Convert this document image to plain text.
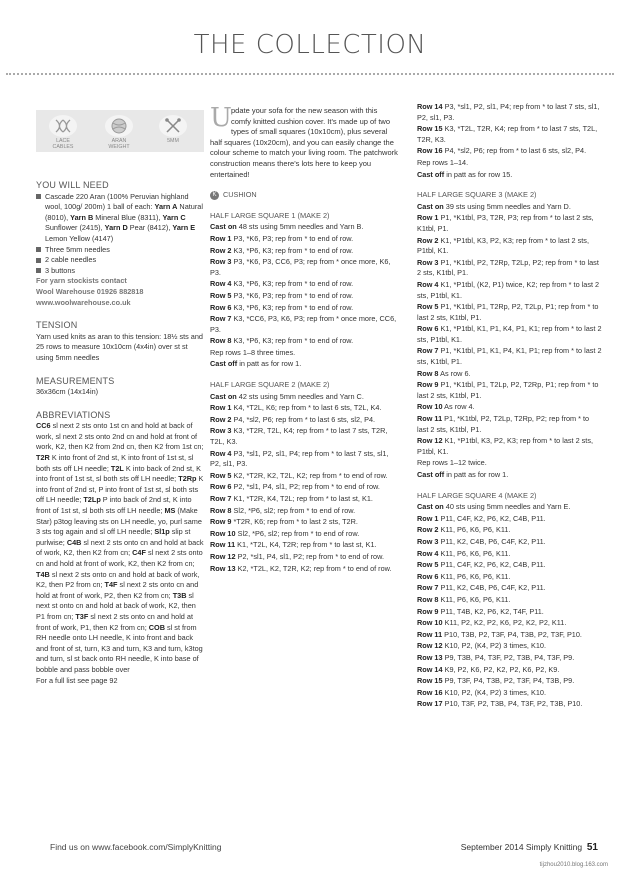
THE COLLECTION
LACE
CABLES
ARAN
WEIGHT
5MM
YOU WILL NEED
Cascade 220 Aran (100% Peruvian highland wool, 100g/ 200m) 1 ball of each: Yarn A Natural (8010), Yarn B Mineral Blue (8311), Yarn C Sunflower (2415), Yarn D Pear (8412), Yarn E Lemon Yellow (4147)
Three 5mm needles
2 cable needles
3 buttons
For yarn stockists contact
Wool Warehouse 01926 882818
www.woolwarehouse.co.uk
TENSION
Yarn used knits as aran to this tension: 18½ sts and 25 rows to measure 10x10cm (4x4in) over st st using 5mm needles
MEASUREMENTS
36x36cm (14x14in)
ABBREVIATIONS
CC6 sl next 2 sts onto 1st cn and hold at back of work, sl next 2 sts onto 2nd cn and hold at front of work, K2, then K2 from 2nd cn, then K2 from 1st cn; T2R K into front of 2nd st, K into front of 1st st, sl both sts off LH needle; T2L K into back of 2nd st, K into front of 1st st, sl both sts off LH needle; T2Rp K into front of 2nd st, P into front of 1st st, sl both sts off LH needle; T2Lp P into back of 2nd st, K into front of 1st st, sl both sts off LH needle; MS (Make Star) p3tog leaving sts on LH needle, yo, purl same 3 sts tog again and sl off LH needle; Sl1p slip st purlwise; C4B sl next 2 sts onto cn and hold at back of work, K2, then K2 from cn; C4F sl next 2 sts onto cn and hold at front of work, K2, then K2 from cn; T4B sl next 2 sts onto cn and hold at back of work, K2, then P2 from cn; T4F sl next 2 sts onto cn and hold at front of work, P2, then K2 from cn; T3B sl next st onto cn and hold at back of work, K2, then P1 from cn; T3F sl next 2 sts onto cn and hold at front of work, P1, then K2 from cn; COB sl st from RH needle onto LH needle, K into front and back and front of st, turn, K3 and turn, K3 and turn, k3tog and turn, sl st back onto RH needle, K into base of bobble and pass bobble over
For a full list see page 92
Update your sofa for the new season with this comfy knitted cushion cover. It's made up of two types of small squares (10x10cm), plus several half squares (10x20cm), and you can easily change the colour scheme to match your living room. The patchwork construction means there's lots here to keep you entertained!
K CUSHION
HALF LARGE SQUARE 1 (MAKE 2)
Cast on 48 sts using 5mm needles and Yarn B.
Row 1 P3, *K6, P3; rep from * to end of row.
Row 2 K3, *P6, K3; rep from * to end of row.
Row 3 P3, *K6, P3, CC6, P3; rep from * once more, K6, P3.
Row 4 K3, *P6, K3; rep from * to end of row.
Row 5 P3, *K6, P3; rep from * to end of row.
Row 6 K3, *P6, K3; rep from * to end of row.
Row 7 K3, *CC6, P3, K6, P3; rep from * once more, CC6, P3.
Row 8 K3, *P6, K3; rep from * to end of row.
Rep rows 1–8 three times.
Cast off in patt as for row 1.
HALF LARGE SQUARE 2 (MAKE 2)
Cast on 42 sts using 5mm needles and Yarn C.
Row 1 K4, *T2L, K6; rep from * to last 6 sts, T2L, K4.
Row 2 P4, *sl2, P6; rep from * to last 6 sts, sl2, P4.
Row 3 K3, *T2R, T2L, K4; rep from * to last 7 sts, T2R, T2L, K3.
Row 4 P3, *sl1, P2, sl1, P4; rep from * to last 7 sts, sl1, P2, sl1, P3.
Row 5 K2, *T2R, K2, T2L, K2; rep from * to end of row.
Row 6 P2, *sl1, P4, sl1, P2; rep from * to end of row.
Row 7 K1, *T2R, K4, T2L; rep from * to last st, K1.
Row 8 Sl2, *P6, sl2; rep from * to end of row.
Row 9 *T2R, K6; rep from * to last 2 sts, T2R.
Row 10 Sl2, *P6, sl2; rep from * to end of row.
Row 11 K1, *T2L, K4, T2R; rep from * to last st, K1.
Row 12 P2, *sl1, P4, sl1, P2; rep from * to end of row.
Row 13 K2, *T2L, K2, T2R, K2; rep from * to end of row.
Row 14 P3, *sl1, P2, sl1, P4; rep from * to last 7 sts, sl1, P2, sl1, P3.
Row 15 K3, *T2L, T2R, K4; rep from * to last 7 sts, T2L, T2R, K3.
Row 16 P4, *sl2, P6; rep from * to last 6 sts, sl2, P4.
Rep rows 1–14.
Cast off in patt as for row 15.
HALF LARGE SQUARE 3 (MAKE 2)
Cast on 39 sts using 5mm needles and Yarn D.
Row 1 P1, *K1tbl, P3, T2R, P3; rep from * to last 2 sts, K1tbl, P1.
Row 2 K1, *P1tbl, K3, P2, K3; rep from * to last 2 sts, P1tbl, K1.
Row 3 P1, *K1tbl, P2, T2Rp, T2Lp, P2; rep from * to last 2 sts, K1tbl, P1.
Row 4 K1, *P1tbl, (K2, P1) twice, K2; rep from * to last 2 sts, P1tbl, K1.
Row 5 P1, *K1tbl, P1, T2Rp, P2, T2Lp, P1; rep from * to last 2 sts, K1tbl, P1.
Row 6 K1, *P1tbl, K1, P1, K4, P1, K1; rep from * to last 2 sts, P1tbl, K1.
Row 7 P1, *K1tbl, P1, K1, P4, K1, P1; rep from * to last 2 sts, K1tbl, P1.
Row 8 As row 6.
Row 9 P1, *K1tbl, P1, T2Lp, P2, T2Rp, P1; rep from * to last 2 sts, K1tbl, P1.
Row 10 As row 4.
Row 11 P1, *K1tbl, P2, T2Lp, T2Rp, P2; rep from * to last 2 sts, K1tbl, P1.
Row 12 K1, *P1tbl, K3, P2, K3; rep from * to last 2 sts, P1tbl, K1.
Rep rows 1–12 twice.
Cast off in patt as for row 1.
HALF LARGE SQUARE 4 (MAKE 2)
Cast on 40 sts using 5mm needles and Yarn E.
Row 1 P11, C4F, K2, P6, K2, C4B, P11.
Row 2 K11, P6, K6, P6, K11.
Row 3 P11, K2, C4B, P6, C4F, K2, P11.
Row 4 K11, P6, K6, P6, K11.
Row 5 P11, C4F, K2, P6, K2, C4B, P11.
Row 6 K11, P6, K6, P6, K11.
Row 7 P11, K2, C4B, P6, C4F, K2, P11.
Row 8 K11, P6, K6, P6, K11.
Row 9 P11, T4B, K2, P6, K2, T4F, P11.
Row 10 K11, P2, K2, P2, K6, P2, K2, P2, K11.
Row 11 P10, T3B, P2, T3F, P4, T3B, P2, T3F, P10.
Row 12 K10, P2, (K4, P2) 3 times, K10.
Row 13 P9, T3B, P4, T3F, P2, T3B, P4, T3F, P9.
Row 14 K9, P2, K6, P2, K2, P2, K6, P2, K9.
Row 15 P9, T3F, P4, T3B, P2, T3F, P4, T3B, P9.
Row 16 K10, P2, (K4, P2) 3 times, K10.
Row 17 P10, T3F, P2, T3B, P4, T3F, P2, T3B, P10.
Find us on www.facebook.com/SimplyKnitting	September 2014 Simply Knitting 51
tijzhou2010.blog.163.com
